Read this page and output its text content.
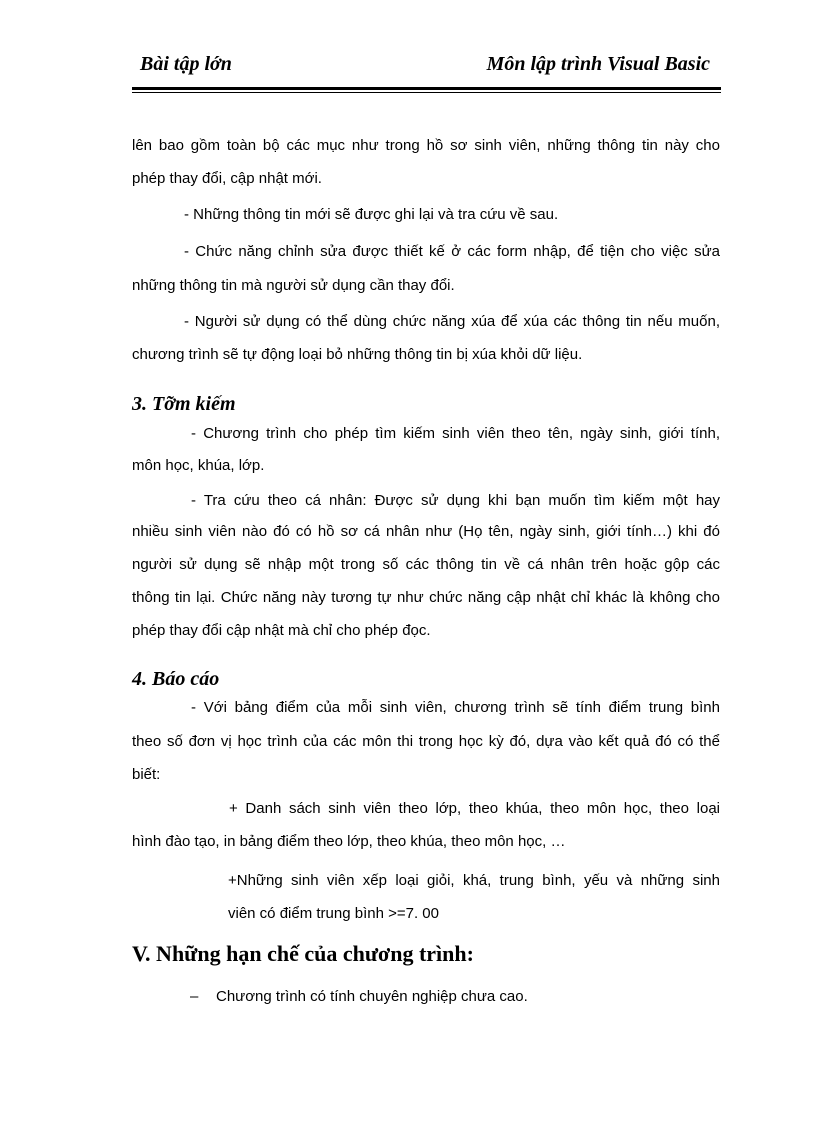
Bài tập lớn	Môn lập trình Visual Basic
lên bao gồm toàn bộ các mục như trong hồ sơ sinh viên, những thông tin này cho
phép thay đổi, cập nhật mới.
- Những thông tin mới sẽ được ghi lại và tra cứu về sau.
- Chức năng chỉnh sửa được thiết kế ở các form nhập, để tiện cho việc sửa
những thông tin mà người sử dụng cần thay đổi.
- Người sử dụng có thể dùng chức năng xúa để xúa các thông tin nếu muốn,
chương trình sẽ tự động loại bỏ những thông tin bị xúa khỏi dữ liệu.
3. Tỡm kiếm
- Chương trình cho phép tìm kiếm sinh viên theo tên, ngày sinh, giới tính,
môn học, khúa, lớp.
- Tra cứu theo cá nhân: Được sử dụng khi bạn muốn tìm kiếm một hay
nhiều sinh viên nào đó có hồ sơ cá nhân như (Họ tên, ngày sinh, giới tính…) khi đó
người sử dụng sẽ nhập một trong số các thông tin về cá nhân trên hoặc gộp các
thông tin lại. Chức năng này tương tự như chức năng cập nhật chỉ khác là không cho
phép thay đổi cập nhật mà chỉ cho phép đọc.
4. Báo cáo
- Với bảng điểm của mỗi sinh viên, chương trình sẽ tính điểm trung bình
theo số đơn vị học trình của các môn thi trong học kỳ đó, dựa vào kết quả đó có thể
biết:
+ Danh sách sinh viên theo lớp, theo khúa, theo môn học, theo loại
hình đào tạo, in bảng điểm theo lớp, theo khúa, theo môn học, …
+Những sinh viên xếp loại giỏi, khá, trung bình, yếu và những sinh
viên có điểm trung bình >=7. 00
V. Những hạn chế của chương trình:
– Chương trình có tính chuyên nghiệp chưa cao.
